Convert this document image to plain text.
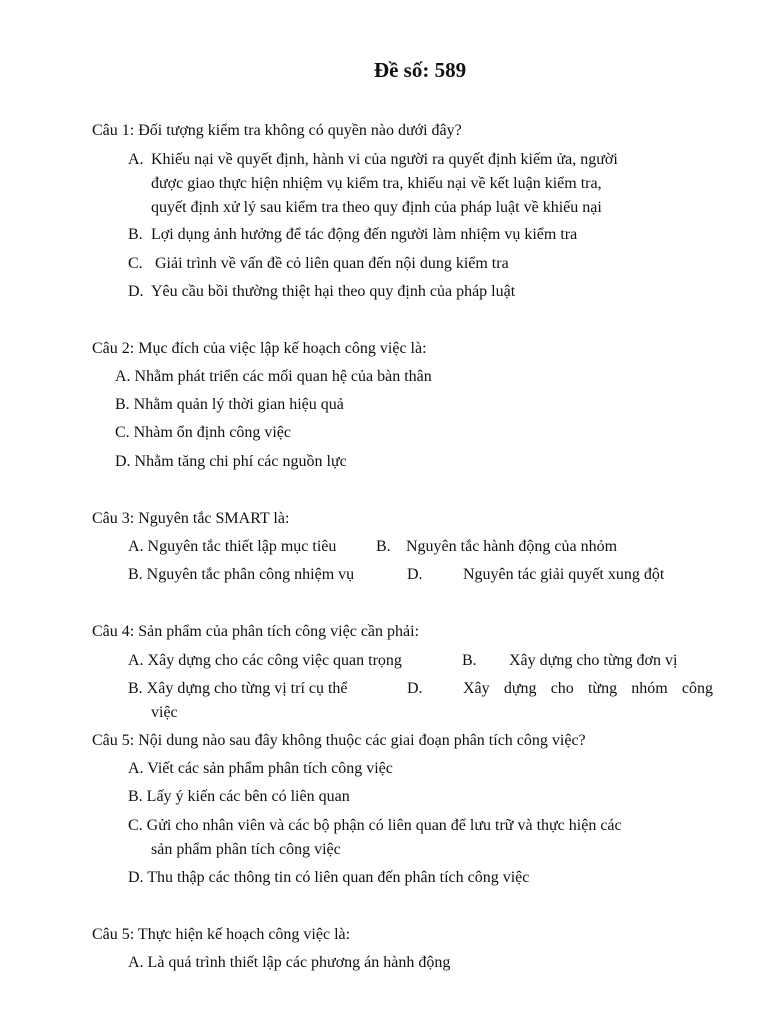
Đề số: 589
Câu 1: Đối tượng kiểm tra không có quyền nào dưới đây?
A. Khiếu nại về quyết định, hành vi của người ra quyết định kiếm ửa, người
được giao thực hiện nhiệm vụ kiểm tra, khiếu nại về kết luận kiểm tra,
quyết định xử lý sau kiểm tra theo quy định của pháp luật về khiếu nại
B. Lợi dụng ảnh hưởng để tác động đến người làm nhiệm vụ kiểm tra
C. Giải trình về vấn đề cỏ liên quan đến nội dung kiểm tra
D. Yêu cầu bồi thường thiệt hại theo quy định của pháp luật
Câu 2: Mục đích của việc lập kế hoạch công việc là:
A. Nhằm phát triển các mối quan hệ của bàn thân
B. Nhằm quản lý thời gian hiệu quả
C. Nhàm ổn định công việc
D. Nhằm tăng chi phí các nguồn lực
Câu 3: Nguyên tắc SMART là:
A. Nguyên tắc thiết lập mục tiêu B. Nguyên tắc hành động của nhỏm
B. Nguyên tắc phân công nhiệm vụ	D.	Nguyên tác giải quyết xung đột
Câu 4: Sản phẩm của phân tích công việc cần phải:
A. Xây dựng cho các công việc quan trọng	B. Xây dựng cho từng đơn vị
B. Xây dựng cho từng vị trí cụ thể	D.	Xây dựng cho từng nhóm công
việc
Câu 5: Nội dung nào sau đây không thuộc các giai đoạn phân tích công việc?
A. Viết các sản phẩm phân tích công việc
B. Lấy ý kiến các bên có liên quan
C. Gửi cho nhân viên và các bộ phận có liên quan để lưu trữ và thực hiện các
sản phẩm phân tích công việc
D. Thu thập các thông tin có liên quan đến phân tích công việc
Câu 5: Thực hiện kế hoạch công việc là:
A. Là quá trình thiết lập các phương án hành động
